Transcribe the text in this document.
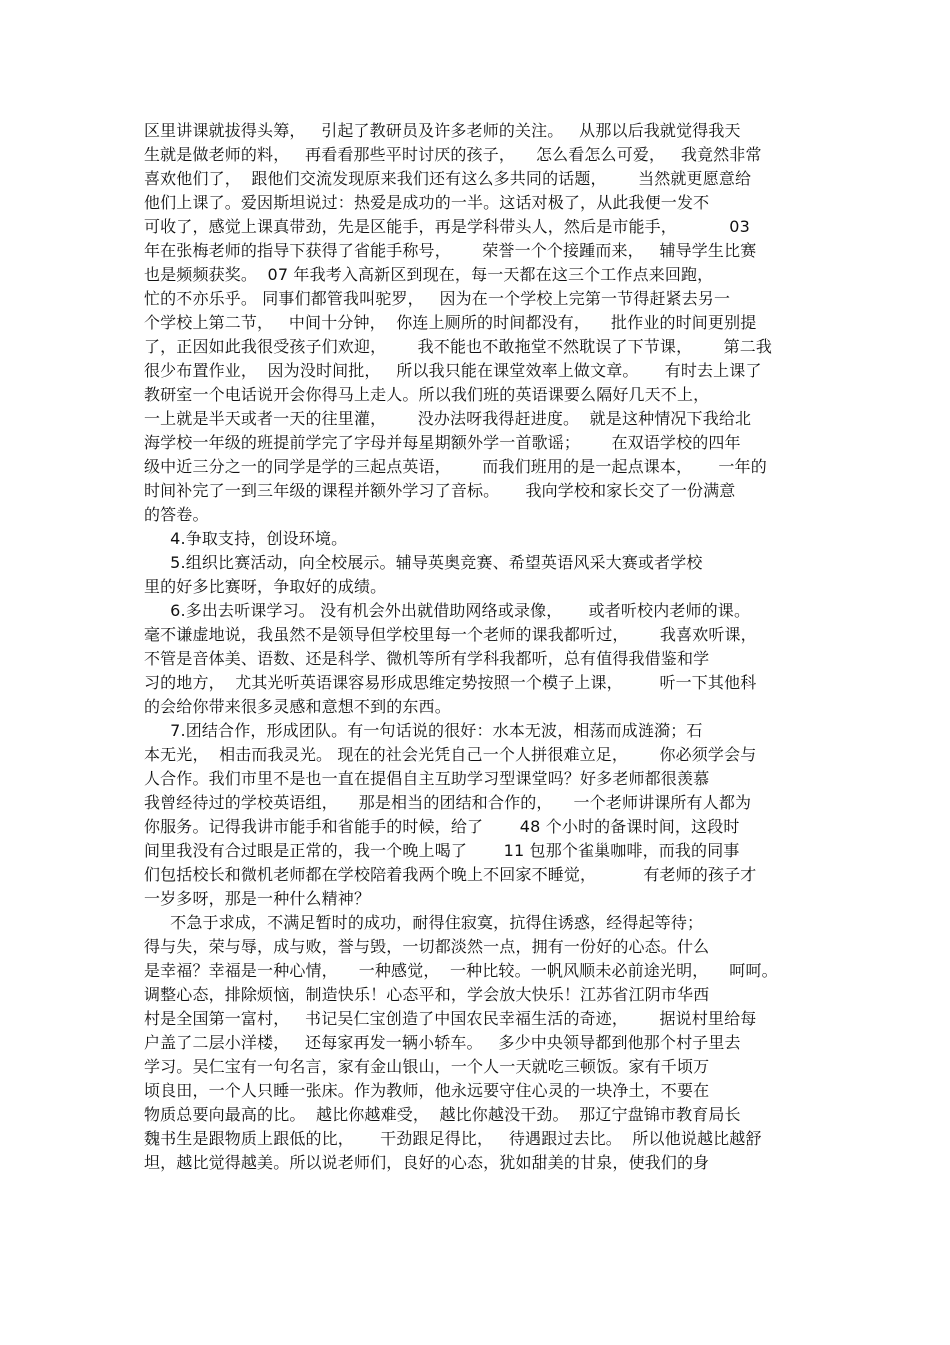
区里讲课就拔得头筹，   引起了教研员及许多老师的关注。   从那以后我就觉得我天
生就是做老师的料，   再看看那些平时讨厌的孩子，    怎么看怎么可爱，   我竟然非常
喜欢他们了，  跟他们交流发现原来我们还有这么多共同的话题，      当然就更愿意给
他们上课了。爱因斯坦说过：热爱是成功的一半。这话对极了，从此我便一发不
可收了，感觉上课真带劲，先是区能手，再是学科带头人，然后是市能手，          03
年在张梅老师的指导下获得了省能手称号，      荣誉一个个接踵而来，   辅导学生比赛
也是频频获奖。  07 年我考入高新区到现在，每一天都在这三个工作点来回跑，
忙的不亦乐乎。 同事们都管我叫驼罗，   因为在一个学校上完第一节得赶紧去另一
个学校上第二节，   中间十分钟，  你连上厕所的时间都没有，    批作业的时间更别提
了，正因如此我很受孩子们欢迎，      我不能也不敢拖堂不然耽误了下节课，      第二我
很少布置作业，  因为没时间批，   所以我只能在课堂效率上做文章。     有时去上课了
教研室一个电话说开会你得马上走人。所以我们班的英语课要么隔好几天不上，
一上就是半天或者一天的往里灌，      没办法呀我得赶进度。  就是这种情况下我给北
海学校一年级的班提前学完了字母并每星期额外学一首歌谣；      在双语学校的四年
级中近三分之一的同学是学的三起点英语，      而我们班用的是一起点课本，     一年的
时间补完了一到三年级的课程并额外学习了音标。     我向学校和家长交了一份满意
的答卷。
4.争取支持，创设环境。
5.组织比赛活动，向全校展示。辅导英奥竞赛、希望英语风采大赛或者学校
里的好多比赛呀，争取好的成绩。
6.多出去听课学习。 没有机会外出就借助网络或录像，     或者听校内老师的课。
毫不谦虚地说，我虽然不是领导但学校里每一个老师的课我都听过，      我喜欢听课，
不管是音体美、语数、还是科学、微机等所有学科我都听，总有值得我借鉴和学
习的地方，  尤其光听英语课容易形成思维定势按照一个模子上课，       听一下其他科
的会给你带来很多灵感和意想不到的东西。
7.团结合作，形成团队。有一句话说的很好：水本无波，相荡而成涟漪；石
本无光，  相击而我灵光。 现在的社会光凭自己一个人拼很难立足，      你必须学会与
人合作。我们市里不是也一直在提倡自主互助学习型课堂吗？好多老师都很羡慕
我曾经待过的学校英语组，    那是相当的团结和合作的，    一个老师讲课所有人都为
你服务。记得我讲市能手和省能手的时候，给了       48 个小时的备课时间，这段时
间里我没有合过眼是正常的，我一个晚上喝了       11 包那个雀巢咖啡，而我的同事
们包括校长和微机老师都在学校陪着我两个晚上不回家不睡觉，         有老师的孩子才
一岁多呀，那是一种什么精神？
不急于求成，不满足暂时的成功，耐得住寂寞，抗得住诱惑，经得起等待；
得与失，荣与辱，成与败，誉与毁，一切都淡然一点，拥有一份好的心态。什么
是幸福？幸福是一种心情，    一种感觉，  一种比较。一帆风顺未必前途光明，    呵呵。
调整心态，排除烦恼，制造快乐！心态平和，学会放大快乐！江苏省江阴市华西
村是全国第一富村，   书记吴仁宝创造了中国农民幸福生活的奇迹，      据说村里给每
户盖了二层小洋楼，   还每家再发一辆小轿车。   多少中央领导都到他那个村子里去
学习。吴仁宝有一句名言，家有金山银山，一个人一天就吃三顿饭。家有千顷万
顷良田，一个人只睡一张床。作为教师，他永远要守住心灵的一块净土，不要在
物质总要向最高的比。  越比你越难受，  越比你越没干劲。  那辽宁盘锦市教育局长
魏书生是跟物质上跟低的比，     干劲跟足得比，   待遇跟过去比。  所以他说越比越舒
坦，越比觉得越美。所以说老师们，良好的心态，犹如甜美的甘泉，使我们的身
